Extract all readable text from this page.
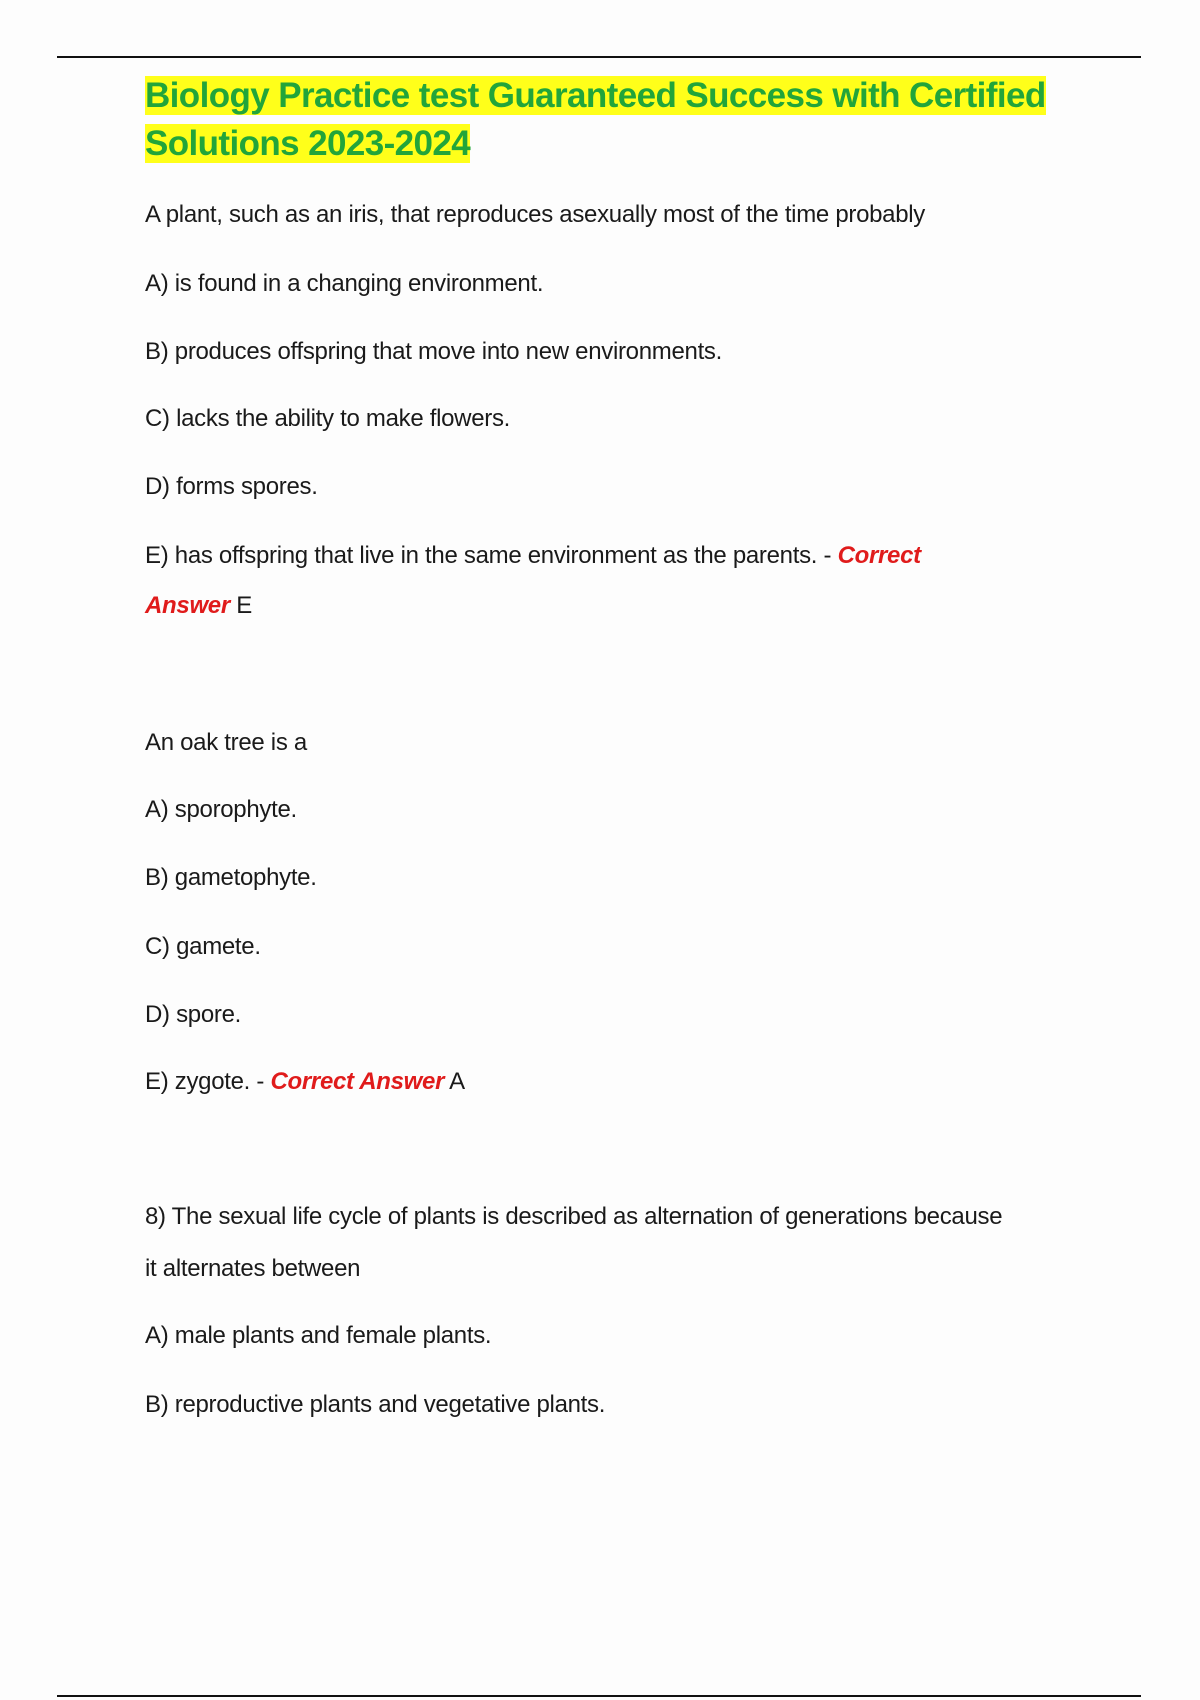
Biology Practice test Guaranteed Success with Certified
Solutions 2023-2024
A plant, such as an iris, that reproduces asexually most of the time probably
A) is found in a changing environment.
B) produces offspring that move into new environments.
C) lacks the ability to make flowers.
D) forms spores.
E) has offspring that live in the same environment as the parents. - Correct
Answer E
An oak tree is a
A) sporophyte.
B) gametophyte.
C) gamete.
D) spore.
E) zygote. - Correct Answer A
8) The sexual life cycle of plants is described as alternation of generations because
it alternates between
A) male plants and female plants.
B) reproductive plants and vegetative plants.
